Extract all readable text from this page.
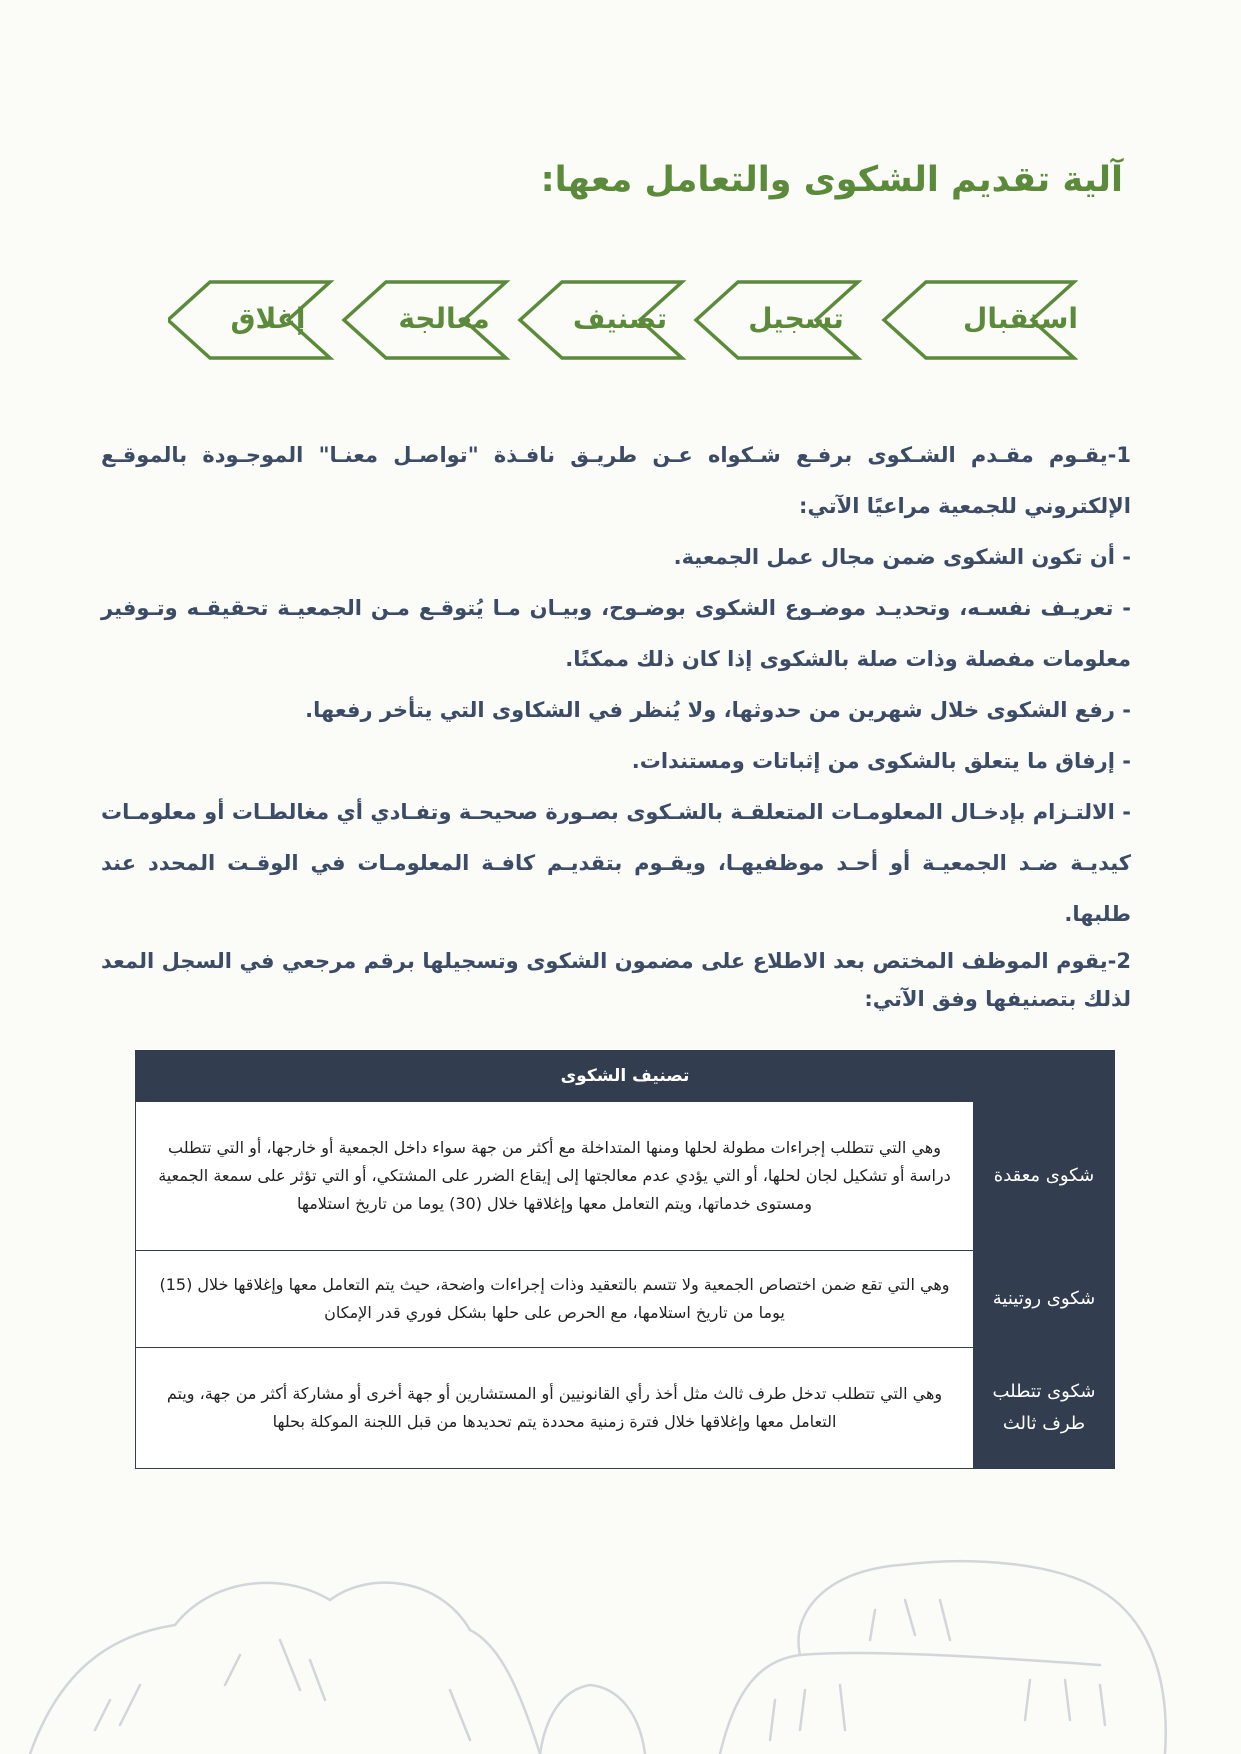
آلية تقديم الشكوى والتعامل معها:
استقبال
تسجيل
تصنيف
معالجة
إغلاق

1-يقـوم مقـدم الشـكوى برفـع شـكواه عـن طريـق نافـذة "تواصـل معنـا" الموجـودة بالموقـع الإلكتروني للجمعية مراعيًا الآتي:

- أن تكون الشكوى ضمن مجال عمل الجمعية.

- تعريـف نفسـه، وتحديـد موضـوع الشكوى بوضـوح، وبيـان مـا يُتوقـع مـن الجمعيـة تحقيقـه وتـوفير معلومات مفصلة وذات صلة بالشكوى إذا كان ذلك ممكنًا.

- رفع الشكوى خلال شهرين من حدوثها، ولا يُنظر في الشكاوى التي يتأخر رفعها.

- إرفاق ما يتعلق بالشكوى من إثباتات ومستندات.

- الالتـزام بإدخـال المعلومـات المتعلقـة بالشـكوى بصـورة صحيحـة وتفـادي أي مغالطـات أو معلومـات كيديـة ضـد الجمعيـة أو أحـد موظفيهـا، ويقـوم بتقديـم كافـة المعلومـات في الوقـت المحدد عند طلبها.

2-يقوم الموظف المختص بعد الاطلاع على مضمون الشكوى وتسجيلها برقم مرجعي في السجل المعد لذلك بتصنيفها وفق الآتي:

تصنيف الشكوى	
شكوى معقدة	وهي التي تتطلب إجراءات مطولة لحلها ومنها المتداخلة مع أكثر من جهة سواء داخل الجمعية أو خارجها، أو التي تتطلب دراسة أو تشكيل لجان لحلها، أو التي يؤدي عدم معالجتها إلى إيقاع الضرر على المشتكي، أو التي تؤثر على سمعة الجمعية ومستوى خدماتها، ويتم التعامل معها وإغلاقها خلال (30) يوما من تاريخ استلامها
شكوى روتينية	وهي التي تقع ضمن اختصاص الجمعية ولا تتسم بالتعقيد وذات إجراءات واضحة، حيث يتم التعامل معها وإغلاقها خلال (15) يوما من تاريخ استلامها، مع الحرص على حلها بشكل فوري قدر الإمكان
شكوى تتطلب طرف ثالث	وهي التي تتطلب تدخل طرف ثالث مثل أخذ رأي القانونيين أو المستشارين أو جهة أخرى أو مشاركة أكثر من جهة، ويتم التعامل معها وإغلاقها خلال فترة زمنية محددة يتم تحديدها من قبل اللجنة الموكلة بحلها
